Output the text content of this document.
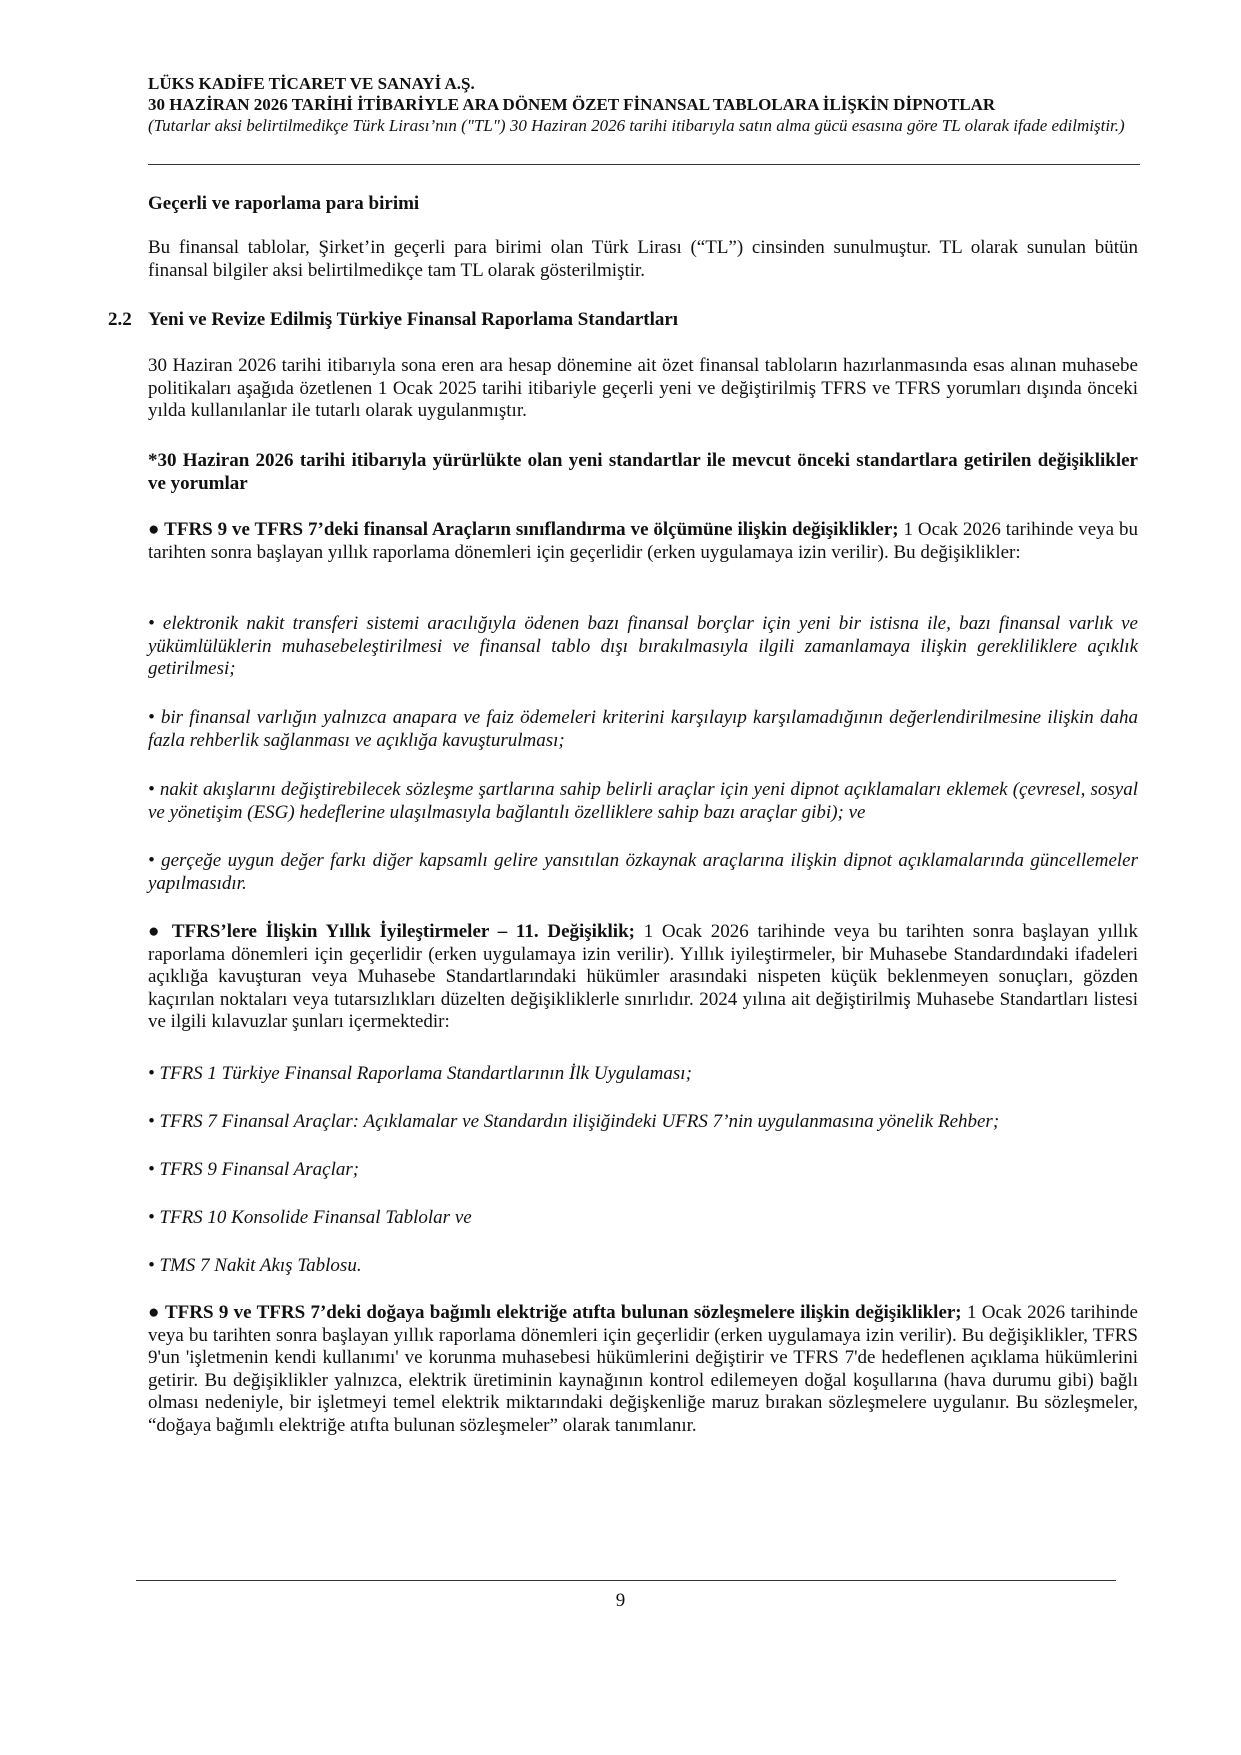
LÜKS KADİFE TİCARET VE SANAYİ A.Ş.
30 HAZİRAN 2026 TARİHİ İTİBARİYLE ARA DÖNEM ÖZET FİNANSAL TABLOLARA İLİŞKİN DİPNOTLAR
(Tutarlar aksi belirtilmedikçe Türk Lirası’nın ("TL") 30 Haziran 2026 tarihi itibarıyla satın alma gücü esasına göre TL olarak ifade edilmiştir.)
Geçerli ve raporlama para birimi
Bu finansal tablolar, Şirket’in geçerli para birimi olan Türk Lirası (“TL”) cinsinden sunulmuştur. TL olarak sunulan bütün finansal bilgiler aksi belirtilmedikçe tam TL olarak gösterilmiştir.
2.2 Yeni ve Revize Edilmiş Türkiye Finansal Raporlama Standartları
30 Haziran 2026 tarihi itibarıyla sona eren ara hesap dönemine ait özet finansal tabloların hazırlanmasında esas alınan muhasebe politikaları aşağıda özetlenen 1 Ocak 2025 tarihi itibariyle geçerli yeni ve değiştirilmiş TFRS ve TFRS yorumları dışında önceki yılda kullanılanlar ile tutarlı olarak uygulanmıştır.
*30 Haziran 2026 tarihi itibarıyla yürürlükte olan yeni standartlar ile mevcut önceki standartlara getirilen değişiklikler ve yorumlar
● TFRS 9 ve TFRS 7’deki finansal Araçların sınıflandırma ve ölçümüne ilişkin değişiklikler; 1 Ocak 2026 tarihinde veya bu tarihten sonra başlayan yıllık raporlama dönemleri için geçerlidir (erken uygulamaya izin verilir). Bu değişiklikler:
• elektronik nakit transferi sistemi aracılığıyla ödenen bazı finansal borçlar için yeni bir istisna ile, bazı finansal varlık ve yükümlülüklerin muhasebeleştirilmesi ve finansal tablo dışı bırakılmasıyla ilgili zamanlamaya ilişkin gerekliliklere açıklık getirilmesi;
• bir finansal varlığın yalnızca anapara ve faiz ödemeleri kriterini karşılayıp karşılamadığının değerlendirilmesine ilişkin daha fazla rehberlik sağlanması ve açıklığa kavuşturulması;
• nakit akışlarını değiştirebilecek sözleşme şartlarına sahip belirli araçlar için yeni dipnot açıklamaları eklemek (çevresel, sosyal ve yönetişim (ESG) hedeflerine ulaşılmasıyla bağlantılı özelliklere sahip bazı araçlar gibi); ve
• gerçeğe uygun değer farkı diğer kapsamlı gelire yansıtılan özkaynak araçlarına ilişkin dipnot açıklamalarında güncellemeler yapılmasıdır.
● TFRS’lere İlişkin Yıllık İyileştirmeler – 11. Değişiklik; 1 Ocak 2026 tarihinde veya bu tarihten sonra başlayan yıllık raporlama dönemleri için geçerlidir (erken uygulamaya izin verilir). Yıllık iyileştirmeler, bir Muhasebe Standardındaki ifadeleri açıklığa kavuşturan veya Muhasebe Standartlarındaki hükümler arasındaki nispeten küçük beklenmeyen sonuçları, gözden kaçırılan noktaları veya tutarsızlıkları düzelten değişikliklerle sınırlıdır. 2024 yılına ait değiştirilmiş Muhasebe Standartları listesi ve ilgili kılavuzlar şunları içermektedir:
• TFRS 1 Türkiye Finansal Raporlama Standartlarının İlk Uygulaması;
• TFRS 7 Finansal Araçlar: Açıklamalar ve Standardın ilişiğindeki UFRS 7’nin uygulanmasına yönelik Rehber;
• TFRS 9 Finansal Araçlar;
• TFRS 10 Konsolide Finansal Tablolar ve
• TMS 7 Nakit Akış Tablosu.
● TFRS 9 ve TFRS 7’deki doğaya bağımlı elektriğe atıfta bulunan sözleşmelere ilişkin değişiklikler; 1 Ocak 2026 tarihinde veya bu tarihten sonra başlayan yıllık raporlama dönemleri için geçerlidir (erken uygulamaya izin verilir). Bu değişiklikler, TFRS 9'un 'işletmenin kendi kullanımı' ve korunma muhasebesi hükümlerini değiştirir ve TFRS 7'de hedeflenen açıklama hükümlerini getirir. Bu değişiklikler yalnızca, elektrik üretiminin kaynağının kontrol edilemeyen doğal koşullarına (hava durumu gibi) bağlı olması nedeniyle, bir işletmeyi temel elektrik miktarındaki değişkenliğe maruz bırakan sözleşmelere uygulanır. Bu sözleşmeler, “doğaya bağımlı elektriğe atıfta bulunan sözleşmeler” olarak tanımlanır.
9
